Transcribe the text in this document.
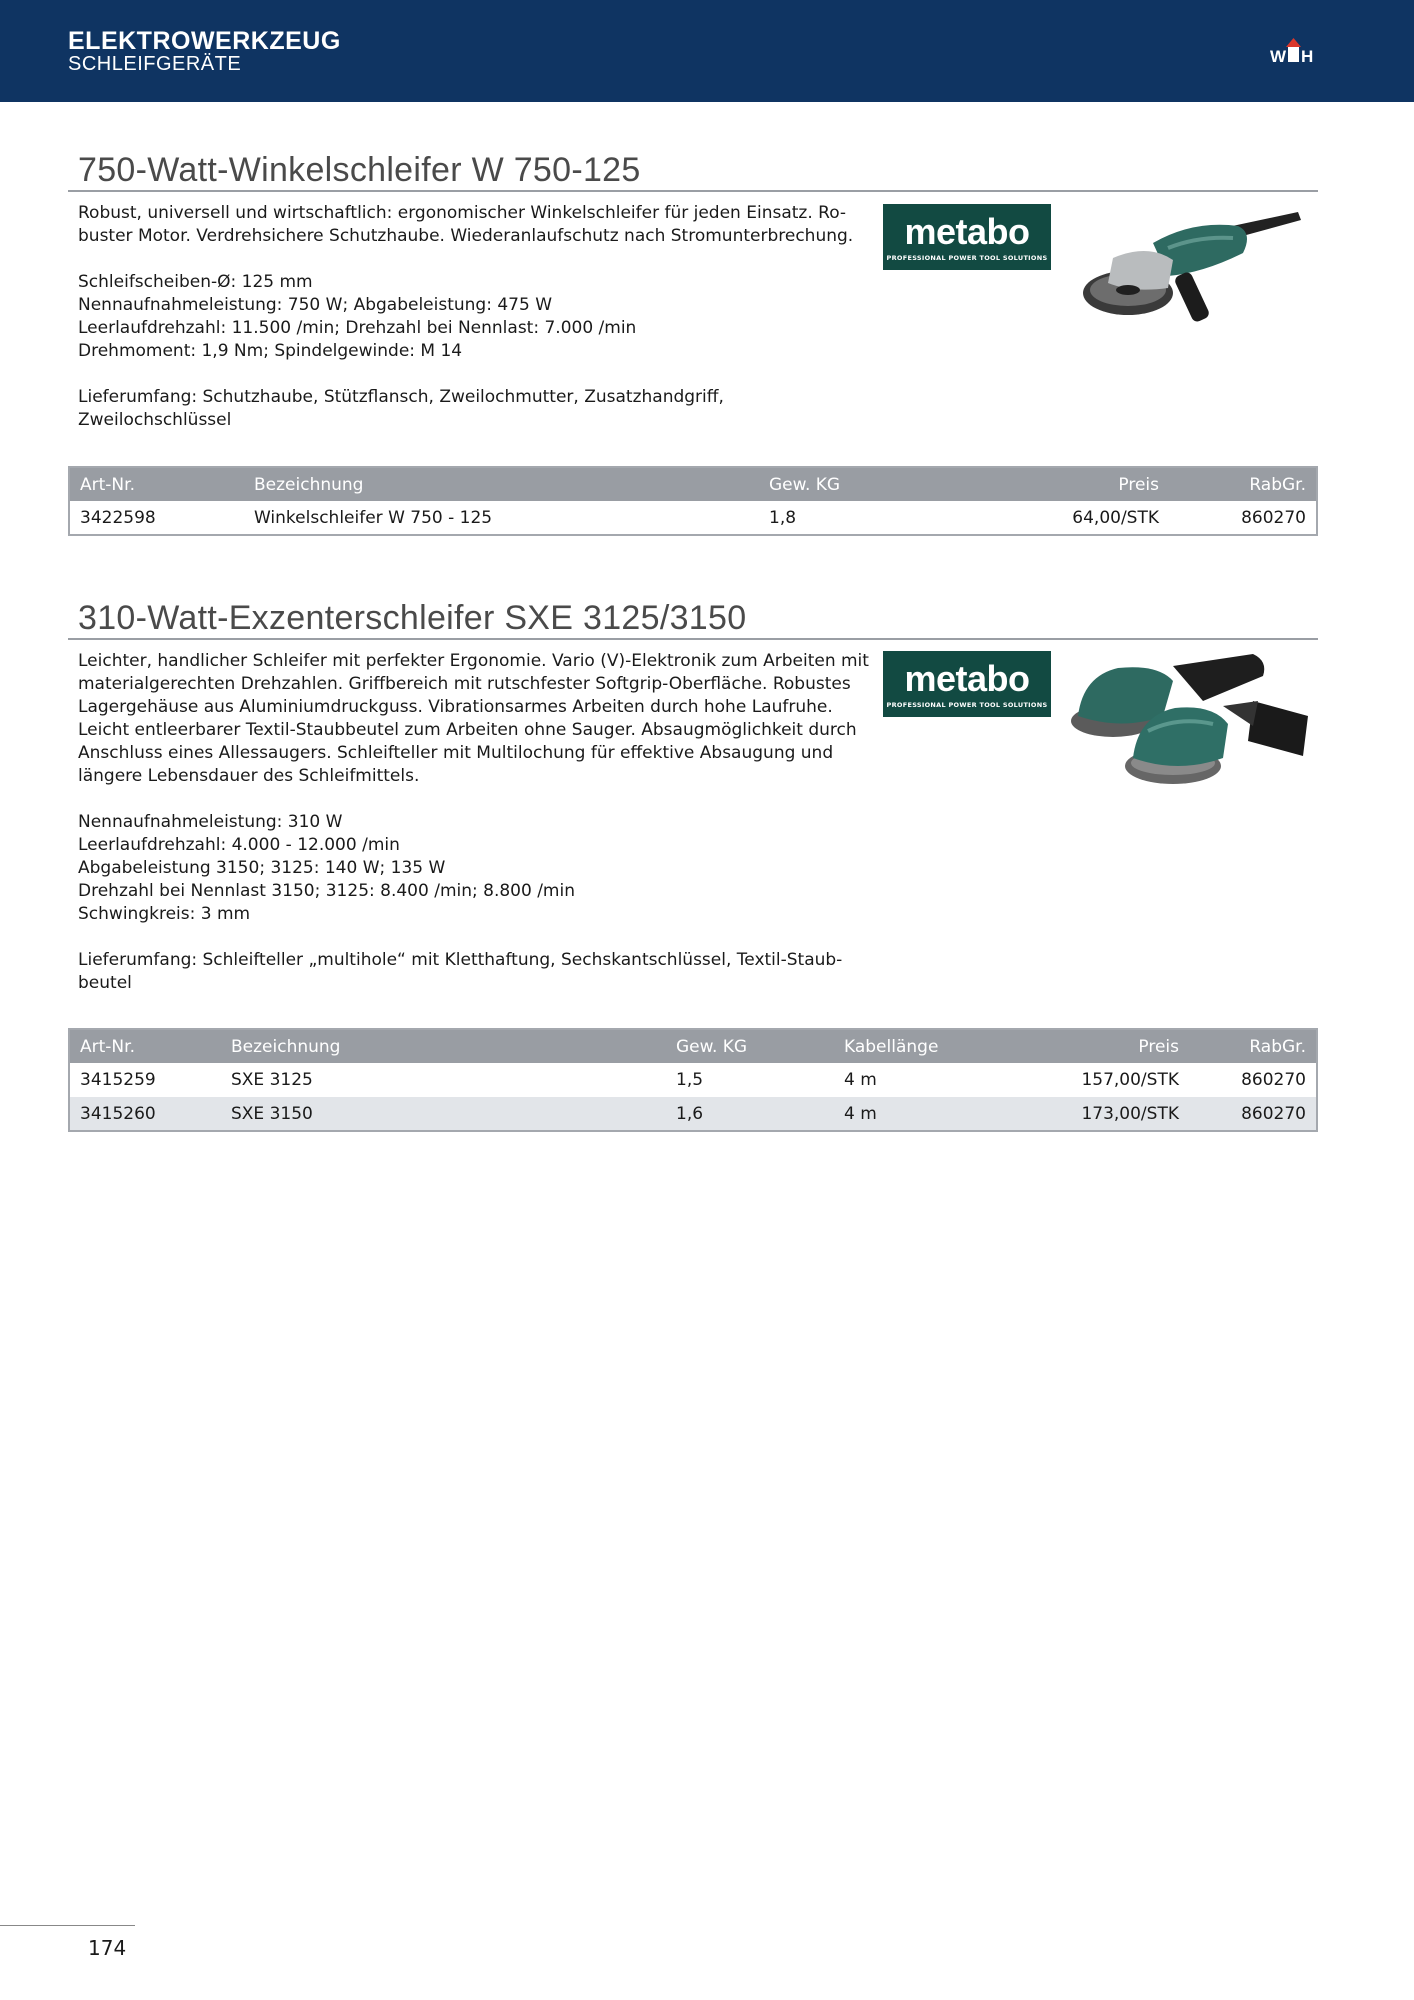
ELEKTROWERKZEUG
SCHLEIFGERÄTE	W H
750-Watt-Winkelschleifer W 750-125

Robust, universell und wirtschaftlich: ergonomischer Winkelschleifer für jeden Einsatz. Ro-

buster Motor. Verdrehsichere Schutzhaube. Wiederanlaufschutz nach Stromunterbrechung.

Schleifscheiben-Ø: 125 mm

Nennaufnahmeleistung: 750 W; Abgabeleistung: 475 W

Leerlaufdrehzahl: 11.500 /min; Drehzahl bei Nennlast: 7.000 /min

Drehmoment: 1,9 Nm; Spindelgewinde: M 14

Lieferumfang: Schutzhaube, Stützflansch, Zweilochmutter, Zusatzhandgriff,

Zweilochschlüssel

metabo
PROFESSIONAL POWER TOOL SOLUTIONS
Art-Nr.	Bezeichnung	Gew. KG	Preis	RabGr.
3422598	Winkelschleifer W 750 - 125	1,8	64,00/STK	860270
310-Watt-Exzenterschleifer SXE 3125/3150

Leichter, handlicher Schleifer mit perfekter Ergonomie. Vario (V)-Elektronik zum Arbeiten mit

materialgerechten Drehzahlen. Griffbereich mit rutschfester Softgrip-Oberfläche. Robustes

Lagergehäuse aus Aluminiumdruckguss. Vibrationsarmes Arbeiten durch hohe Laufruhe.

Leicht entleerbarer Textil-Staubbeutel zum Arbeiten ohne Sauger. Absaugmöglichkeit durch

Anschluss eines Allessaugers. Schleifteller mit Multilochung für effektive Absaugung und

längere Lebensdauer des Schleifmittels.

Nennaufnahmeleistung: 310 W

Leerlaufdrehzahl: 4.000 - 12.000 /min

Abgabeleistung 3150; 3125: 140 W; 135 W

Drehzahl bei Nennlast 3150; 3125: 8.400 /min; 8.800 /min

Schwingkreis: 3 mm

Lieferumfang: Schleifteller „multihole“ mit Kletthaftung, Sechskantschlüssel, Textil-Staub-

beutel

metabo
PROFESSIONAL POWER TOOL SOLUTIONS
Art-Nr.	Bezeichnung	Gew. KG	Kabellänge	Preis	RabGr.
3415259	SXE 3125	1,5	4 m	157,00/STK	860270
3415260	SXE 3150	1,6	4 m	173,00/STK	860270
174
